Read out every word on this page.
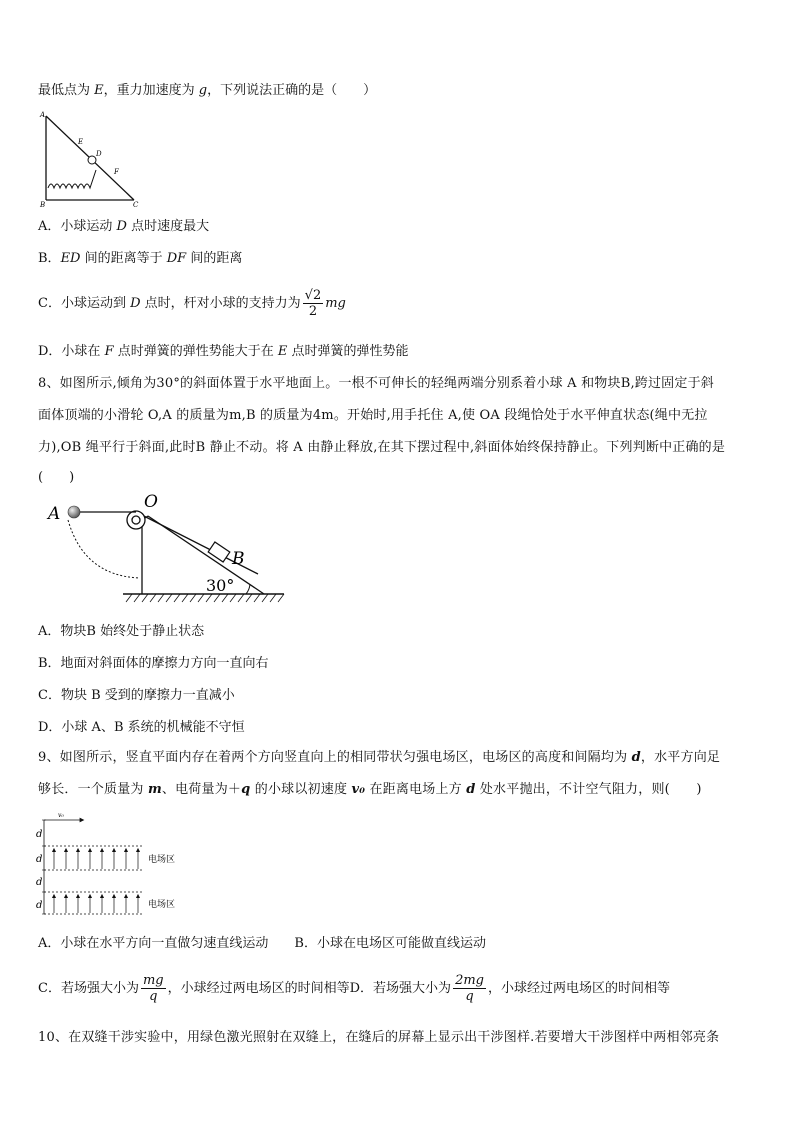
最低点为 E，重力加速度为 g，下列说法正确的是（　　）
A
B	C
D
E
F
A．小球运动 D 点时速度最大
B．ED 间的距离等于 DF 间的距离
C．小球运动到 D 点时，杆对小球的支持力为 $\frac{√2}{2}$ mg
D．小球在 F 点时弹簧的弹性势能大于在 E 点时弹簧的弹性势能
8、如图所示,倾角为30°的斜面体置于水平地面上。一根不可伸长的轻绳两端分别系着小球 A 和物块B,跨过固定于斜
面体顶端的小滑轮 O,A 的质量为m,B 的质量为4m。开始时,用手托住 A,使 OA 段绳恰处于水平伸直状态(绳中无拉
力),OB 绳平行于斜面,此时B 静止不动。将 A 由静止释放,在其下摆过程中,斜面体始终保持静止。下列判断中正确的是
(　　)
A
O
B
30°
A．物块B 始终处于静止状态
B．地面对斜面体的摩擦力方向一直向右
C．物块 B 受到的摩擦力一直减小
D．小球 A、B 系统的机械能不守恒
9、如图所示，竖直平面内存在着两个方向竖直向上的相同带状匀强电场区，电场区的高度和间隔均为 d，水平方向足
够长．一个质量为 m、电荷量为＋q 的小球以初速度 v₀ 在距离电场上方 d 处水平抛出，不计空气阻力，则(　　)
v₀
d
d
d
d
电场区
电场区
A．小球在水平方向一直做匀速直线运动 B．小球在电场区可能做直线运动
C．若场强大小为 $\frac{mg}{q}$ ，小球经过两电场区的时间相等D．若场强大小为 $\frac{2mg}{q}$ ，小球经过两电场区的时间相等
10、在双缝干涉实验中，用绿色激光照射在双缝上，在缝后的屏幕上显示出干涉图样.若要增大干涉图样中两相邻亮条
